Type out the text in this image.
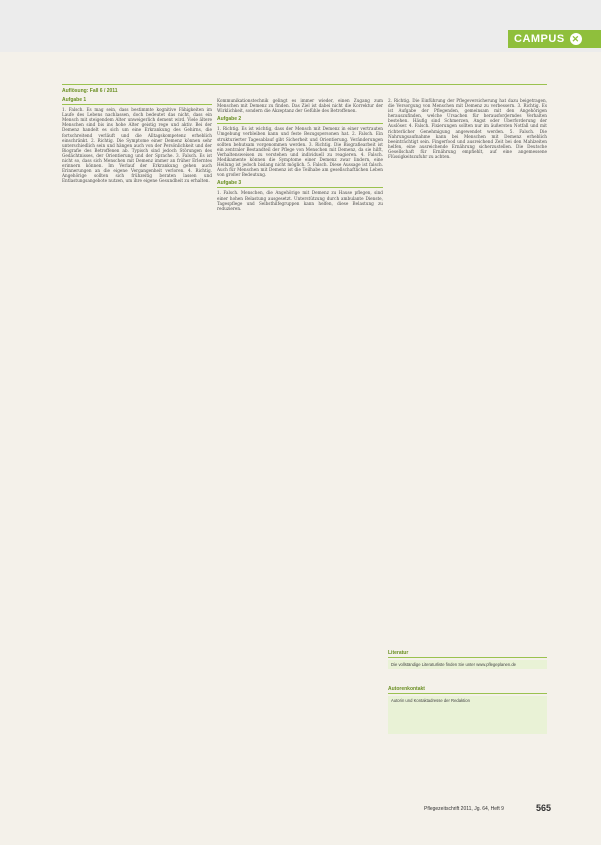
CAMPUS ✕
Auflösung: Fall 6 / 2011
Aufgabe 1
1. Falsch. Es mag sein, dass bestimmte kognitive Fähigkeiten im Laufe des Lebens nachlassen, doch bedeutet das nicht, dass ein Mensch mit steigendem Alter unweigerlich dement wird. Viele ältere Menschen sind bis ins hohe Alter geistig rege und aktiv. Bei der Demenz handelt es sich um eine Erkrankung des Gehirns, die fortschreitend verläuft und die Alltagskompetenz erheblich einschränkt. 2. Richtig. Die Symptome einer Demenz können sehr unterschiedlich sein und hängen auch von der Persönlichkeit und der Biografie des Betroffenen ab. Typisch sind jedoch Störungen des Gedächtnisses, der Orientierung und der Sprache. 3. Falsch. Es ist nicht so, dass sich Menschen mit Demenz immer an früher Erlerntes erinnern können. Im Verlauf der Erkrankung gehen auch Erinnerungen an die eigene Vergangenheit verloren. 4. Richtig. Angehörige sollten sich frühzeitig beraten lassen und Entlastungsangebote nutzen, um ihre eigene Gesundheit zu erhalten.
Kommunikationstechnik gelingt es immer wieder, einen Zugang zum Menschen mit Demenz zu finden. Das Ziel ist dabei nicht die Korrektur der Wirklichkeit, sondern die Akzeptanz der Gefühle des Betroffenen.
Aufgabe 2
1. Richtig. Es ist wichtig, dass der Mensch mit Demenz in einer vertrauten Umgebung verbleiben kann und feste Bezugspersonen hat. 2. Falsch. Ein strukturierter Tagesablauf gibt Sicherheit und Orientierung. Veränderungen sollten behutsam vorgenommen werden. 3. Richtig. Die Biografiearbeit ist ein zentraler Bestandteil der Pflege von Menschen mit Demenz, da sie hilft, Verhaltensweisen zu verstehen und individuell zu reagieren. 4. Falsch. Medikamente können die Symptome einer Demenz zwar lindern, eine Heilung ist jedoch bislang nicht möglich. 5. Falsch. Diese Aussage ist falsch. Auch für Menschen mit Demenz ist die Teilhabe am gesellschaftlichen Leben von großer Bedeutung.
Aufgabe 3
1. Falsch. Menschen, die Angehörige mit Demenz zu Hause pflegen, sind einer hohen Belastung ausgesetzt. Unterstützung durch ambulante Dienste, Tagespflege und Selbsthilfegruppen kann helfen, diese Belastung zu reduzieren.
2. Richtig. Die Einführung der Pflegeversicherung hat dazu beigetragen, die Versorgung von Menschen mit Demenz zu verbessern. 3. Richtig. Es ist Aufgabe der Pflegenden, gemeinsam mit den Angehörigen herauszufinden, welche Ursachen für herausforderndes Verhalten bestehen. Häufig sind Schmerzen, Angst oder Überforderung der Auslöser. 4. Falsch. Fixierungen sollten nur im äußersten Notfall und mit richterlicher Genehmigung angewendet werden. 5. Falsch. Die Nahrungsaufnahme kann bei Menschen mit Demenz erheblich beeinträchtigt sein. Fingerfood und ausreichend Zeit bei den Mahlzeiten helfen, eine ausreichende Ernährung sicherzustellen. Die Deutsche Gesellschaft für Ernährung empfiehlt, auf eine angemessene Flüssigkeitszufuhr zu achten.
Literatur
Die vollständige Literaturliste finden Sie unter www.pflegeplanen.de
Autorenkontakt
Autorin und Kontaktadresse der Redaktion
Pflegezeitschrift 2011, Jg. 64, Heft 9	565
